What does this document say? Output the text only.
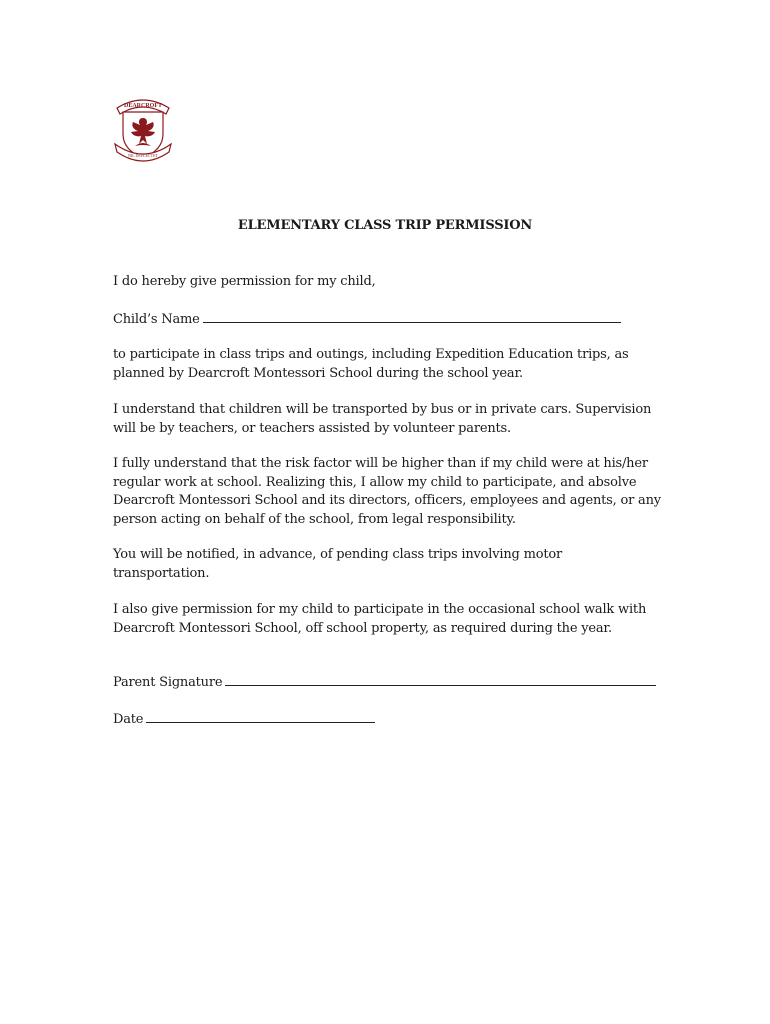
DEARCROFT
NIL DEFLECTET
ELEMENTARY CLASS TRIP PERMISSION

I do hereby give permission for my child,

Child’s Name

to participate in class trips and outings, including Expedition Education trips, as

planned by Dearcroft Montessori School during the school year.

I understand that children will be transported by bus or in private cars. Supervision

will be by teachers, or teachers assisted by volunteer parents.

I fully understand that the risk factor will be higher than if my child were at his/her

regular work at school. Realizing this, I allow my child to participate, and absolve

Dearcroft Montessori School and its directors, officers, employees and agents, or any

person acting on behalf of the school, from legal responsibility.

You will be notified, in advance, of pending class trips involving motor

transportation.

I also give permission for my child to participate in the occasional school walk with

Dearcroft Montessori School, off school property, as required during the year.

Parent Signature

Date
